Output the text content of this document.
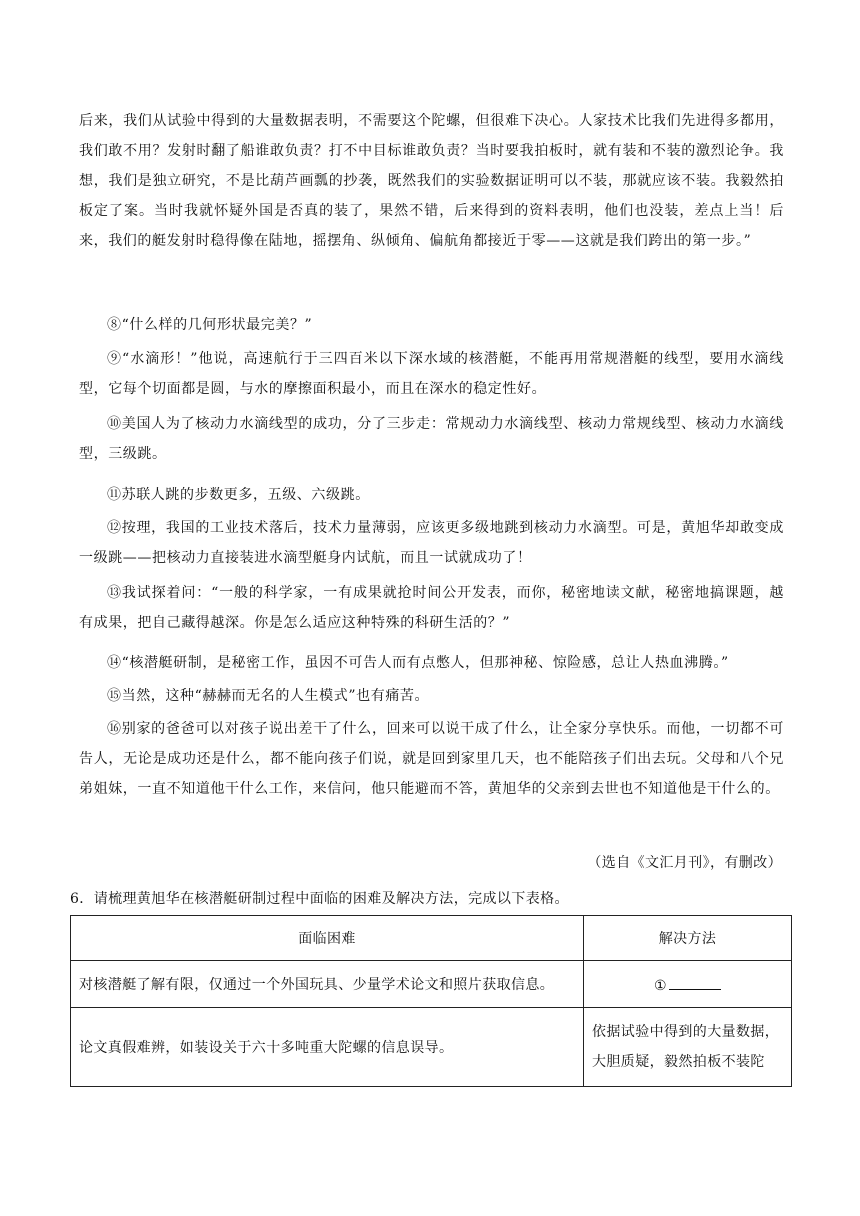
后来，我们从试验中得到的大量数据表明，不需要这个陀螺，但很难下决心。人家技术比我们先进得多都用，我们敢不用？发射时翻了船谁敢负责？打不中目标谁敢负责？当时要我拍板时，就有装和不装的激烈论争。我想，我们是独立研究，不是比葫芦画瓢的抄袭，既然我们的实验数据证明可以不装，那就应该不装。我毅然拍板定了案。当时我就怀疑外国是否真的装了，果然不错，后来得到的资料表明，他们也没装，差点上当！后来，我们的艇发射时稳得像在陆地，摇摆角、纵倾角、偏航角都接近于零——这就是我们跨出的第一步。”

⑧“什么样的几何形状最完美？”

⑨“水滴形！”他说，高速航行于三四百米以下深水域的核潜艇，不能再用常规潜艇的线型，要用水滴线型，它每个切面都是圆，与水的摩擦面积最小，而且在深水的稳定性好。

⑩美国人为了核动力水滴线型的成功，分了三步走：常规动力水滴线型、核动力常规线型、核动力水滴线型，三级跳。

⑪苏联人跳的步数更多，五级、六级跳。

⑫按理，我国的工业技术落后，技术力量薄弱，应该更多级地跳到核动力水滴型。可是，黄旭华却敢变成一级跳——把核动力直接装进水滴型艇身内试航，而且一试就成功了！

⑬我试探着问：“一般的科学家，一有成果就抢时间公开发表，而你，秘密地读文献，秘密地搞课题，越有成果，把自己藏得越深。你是怎么适应这种特殊的科研生活的？”

⑭“核潜艇研制，是秘密工作，虽因不可告人而有点憋人，但那神秘、惊险感，总让人热血沸腾。”

⑮当然，这种“赫赫而无名的人生模式”也有痛苦。

⑯别家的爸爸可以对孩子说出差干了什么，回来可以说干成了什么，让全家分享快乐。而他，一切都不可告人，无论是成功还是什么，都不能向孩子们说，就是回到家里几天，也不能陪孩子们出去玩。父母和八个兄弟姐妹，一直不知道他干什么工作，来信问，他只能避而不答，黄旭华的父亲到去世也不知道他是干什么的。

（选自《文汇月刊》，有删改）
6．请梳理黄旭华在核潜艇研制过程中面临的困难及解决方法，完成以下表格。
面临困难	解决方法
对核潜艇了解有限，仅通过一个外国玩具、少量学术论文和照片获取信息。	①
论文真假难辨，如装设关于六十多吨重大陀螺的信息误导。	依据试验中得到的大量数据，大胆质疑，毅然拍板不装陀
